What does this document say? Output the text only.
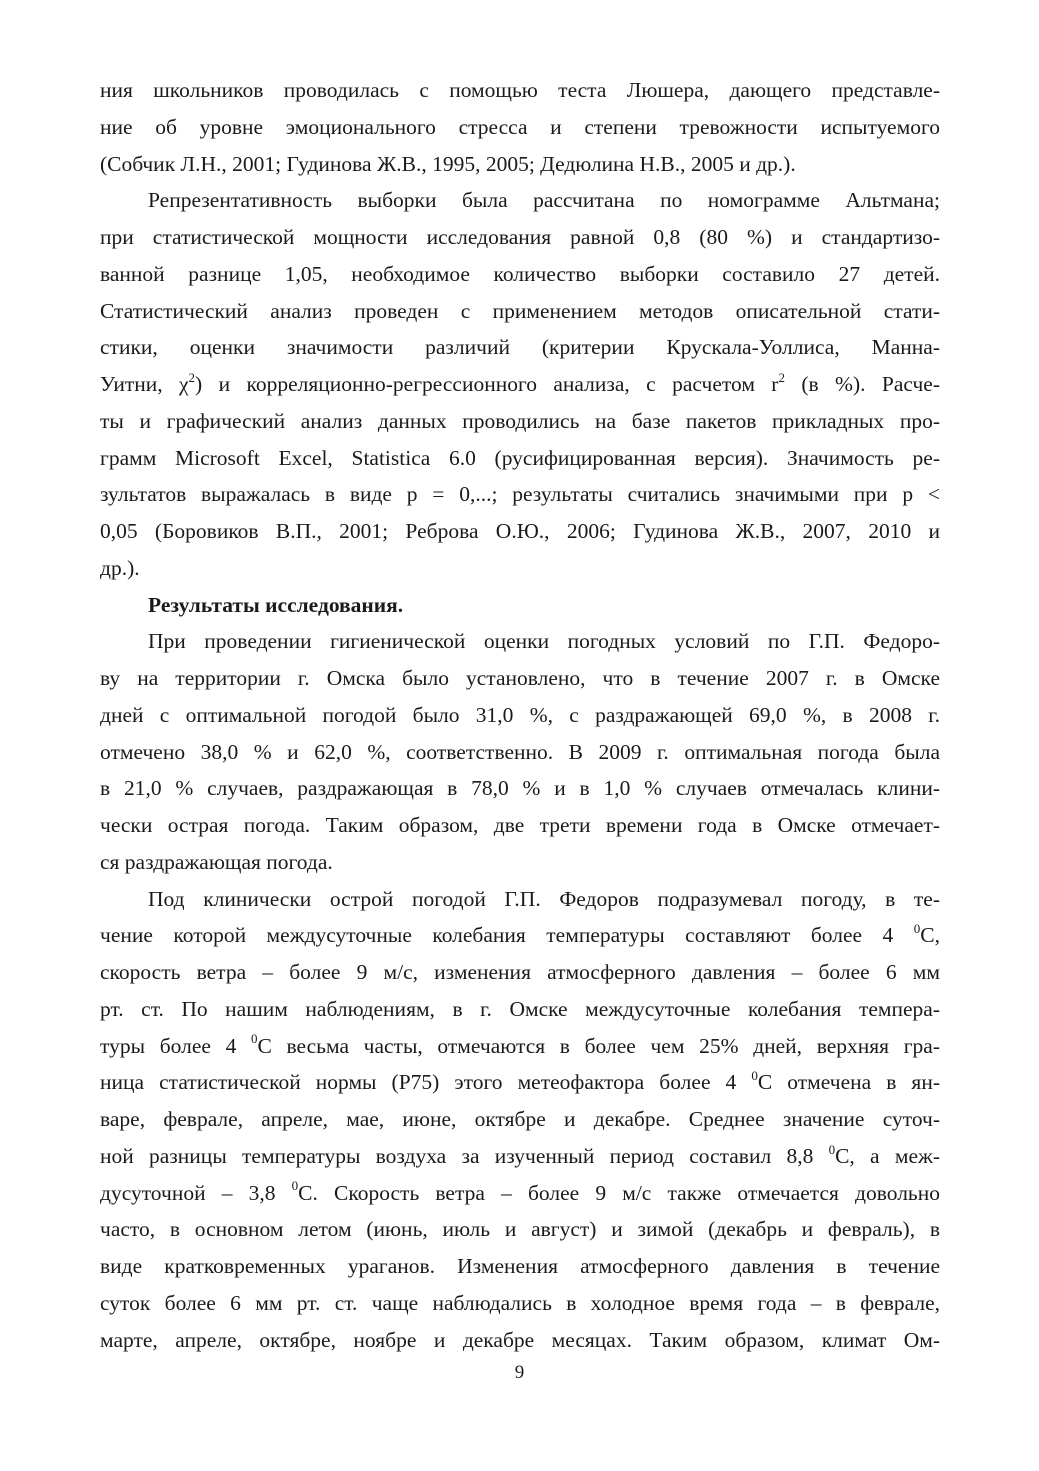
ния школьников проводилась с помощью теста Люшера, дающего представле-
ние об уровне эмоционального стресса и степени тревожности испытуемого
(Собчик Л.Н., 2001; Гудинова Ж.В., 1995, 2005; Дедюлина Н.В., 2005 и др.).
Репрезентативность выборки была рассчитана по номограмме Альтмана;
при статистической мощности исследования равной 0,8 (80 %) и стандартизо-
ванной разнице 1,05, необходимое количество выборки составило 27 детей.
Статистический анализ проведен с применением методов описательной стати-
стики, оценки значимости различий (критерии Крускала-Уоллиса, Манна-
Уитни, $\chi^2$) и корреляционно-регрессионного анализа, с расчетом $r^2$ (в %). Расче-
ты и графический анализ данных проводились на базе пакетов прикладных про-
грамм Microsoft Excel, Statistica 6.0 (русифицированная версия). Значимость ре-
зультатов выражалась в виде p = 0,...; результаты считались значимыми при p <
0,05 (Боровиков В.П., 2001; Реброва О.Ю., 2006; Гудинова Ж.В., 2007, 2010 и
др.).
Результаты исследования.
При проведении гигиенической оценки погодных условий по Г.П. Федоро-
ву на территории г. Омска было установлено, что в течение 2007 г. в Омске
дней с оптимальной погодой было 31,0 %, с раздражающей 69,0 %, в 2008 г.
отмечено 38,0 % и 62,0 %, соответственно. В 2009 г. оптимальная погода была
в 21,0 % случаев, раздражающая в 78,0 % и в 1,0 % случаев отмечалась клини-
чески острая погода. Таким образом, две трети времени года в Омске отмечает-
ся раздражающая погода.
Под клинически острой погодой Г.П. Федоров подразумевал погоду, в те-
чение которой междусуточные колебания температуры составляют более 4 $^0$С,
скорость ветра – более 9 м/с, изменения атмосферного давления – более 6 мм
рт. ст. По нашим наблюдениям, в г. Омске междусуточные колебания темпера-
туры более 4 $^0$С весьма часты, отмечаются в более чем 25% дней, верхняя гра-
ница статистической нормы (Р75) этого метеофактора более 4 $^0$С отмечена в ян-
варе, феврале, апреле, мае, июне, октябре и декабре. Среднее значение суточ-
ной разницы температуры воздуха за изученный период составил 8,8 $^0$С, а меж-
дусуточной – 3,8 $^0$С. Скорость ветра – более 9 м/с также отмечается довольно
часто, в основном летом (июнь, июль и август) и зимой (декабрь и февраль), в
виде кратковременных ураганов. Изменения атмосферного давления в течение
суток более 6 мм рт. ст. чаще наблюдались в холодное время года – в феврале,
марте, апреле, октябре, ноябре и декабре месяцах. Таким образом, климат Ом-
9
